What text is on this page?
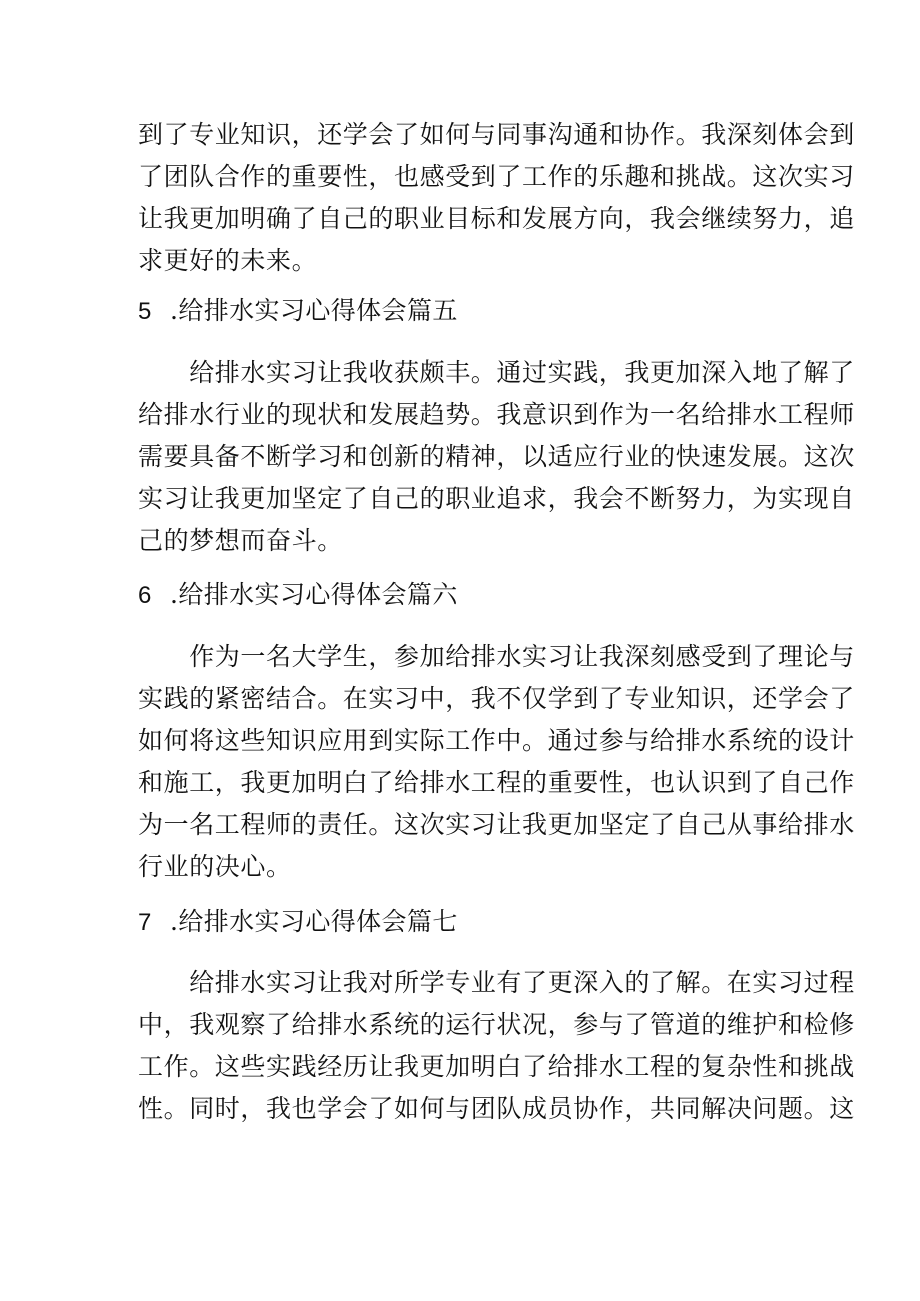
到了专业知识，还学会了如何与同事沟通和协作。我深刻体会到
了团队合作的重要性，也感受到了工作的乐趣和挑战。这次实习
让我更加明确了自己的职业目标和发展方向，我会继续努力，追
求更好的未来。
5 .给排水实习心得体会篇五
　　给排水实习让我收获颇丰。通过实践，我更加深入地了解了
给排水行业的现状和发展趋势。我意识到作为一名给排水工程师
需要具备不断学习和创新的精神，以适应行业的快速发展。这次
实习让我更加坚定了自己的职业追求，我会不断努力，为实现自
己的梦想而奋斗。
6 .给排水实习心得体会篇六
　　作为一名大学生，参加给排水实习让我深刻感受到了理论与
实践的紧密结合。在实习中，我不仅学到了专业知识，还学会了
如何将这些知识应用到实际工作中。通过参与给排水系统的设计
和施工，我更加明白了给排水工程的重要性，也认识到了自己作
为一名工程师的责任。这次实习让我更加坚定了自己从事给排水
行业的决心。
7 .给排水实习心得体会篇七
　　给排水实习让我对所学专业有了更深入的了解。在实习过程
中，我观察了给排水系统的运行状况，参与了管道的维护和检修
工作。这些实践经历让我更加明白了给排水工程的复杂性和挑战
性。同时，我也学会了如何与团队成员协作，共同解决问题。这
